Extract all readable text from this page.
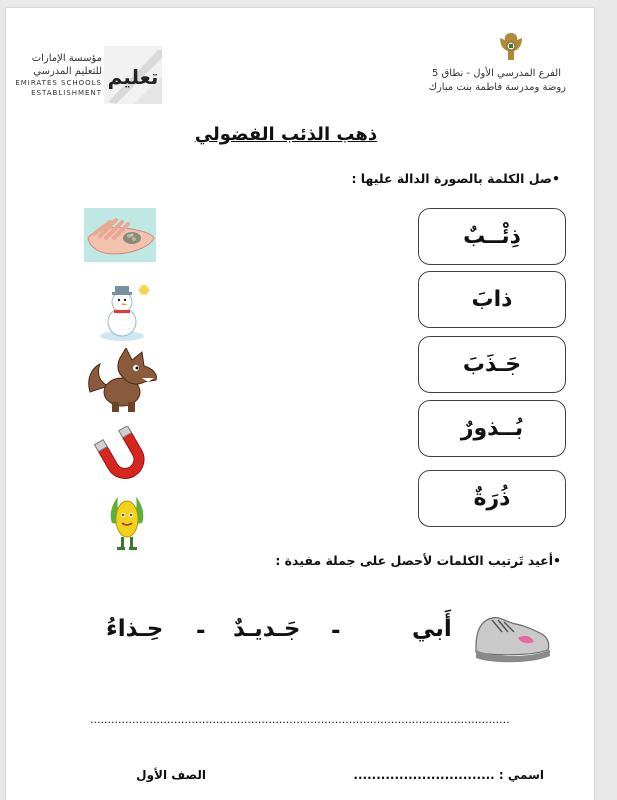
تعليم
مؤسسة الإمارات
للتعليم المدرسي
EMIRATES SCHOOLS
ESTABLISHMENT
الفرع المدرسي الأول - نطاق 5
روضة ومدرسة فاطمة بنت مبارك
ذهب الذئب الفضولي
•صل الكلمة بالصورة الدالة عليها :
ذِئْــبٌ
ذابَ
جَـذَبَ
بُــذورٌ
ذُرَةٌ
•أعيد تَرتيب الكلمات لأحصل على جملة مفيدة :
أَبي
-
جَـديـدٌ
-
حِـذاءُ
........................................................................................................................
اسمي : ...............................
الصف الأول
